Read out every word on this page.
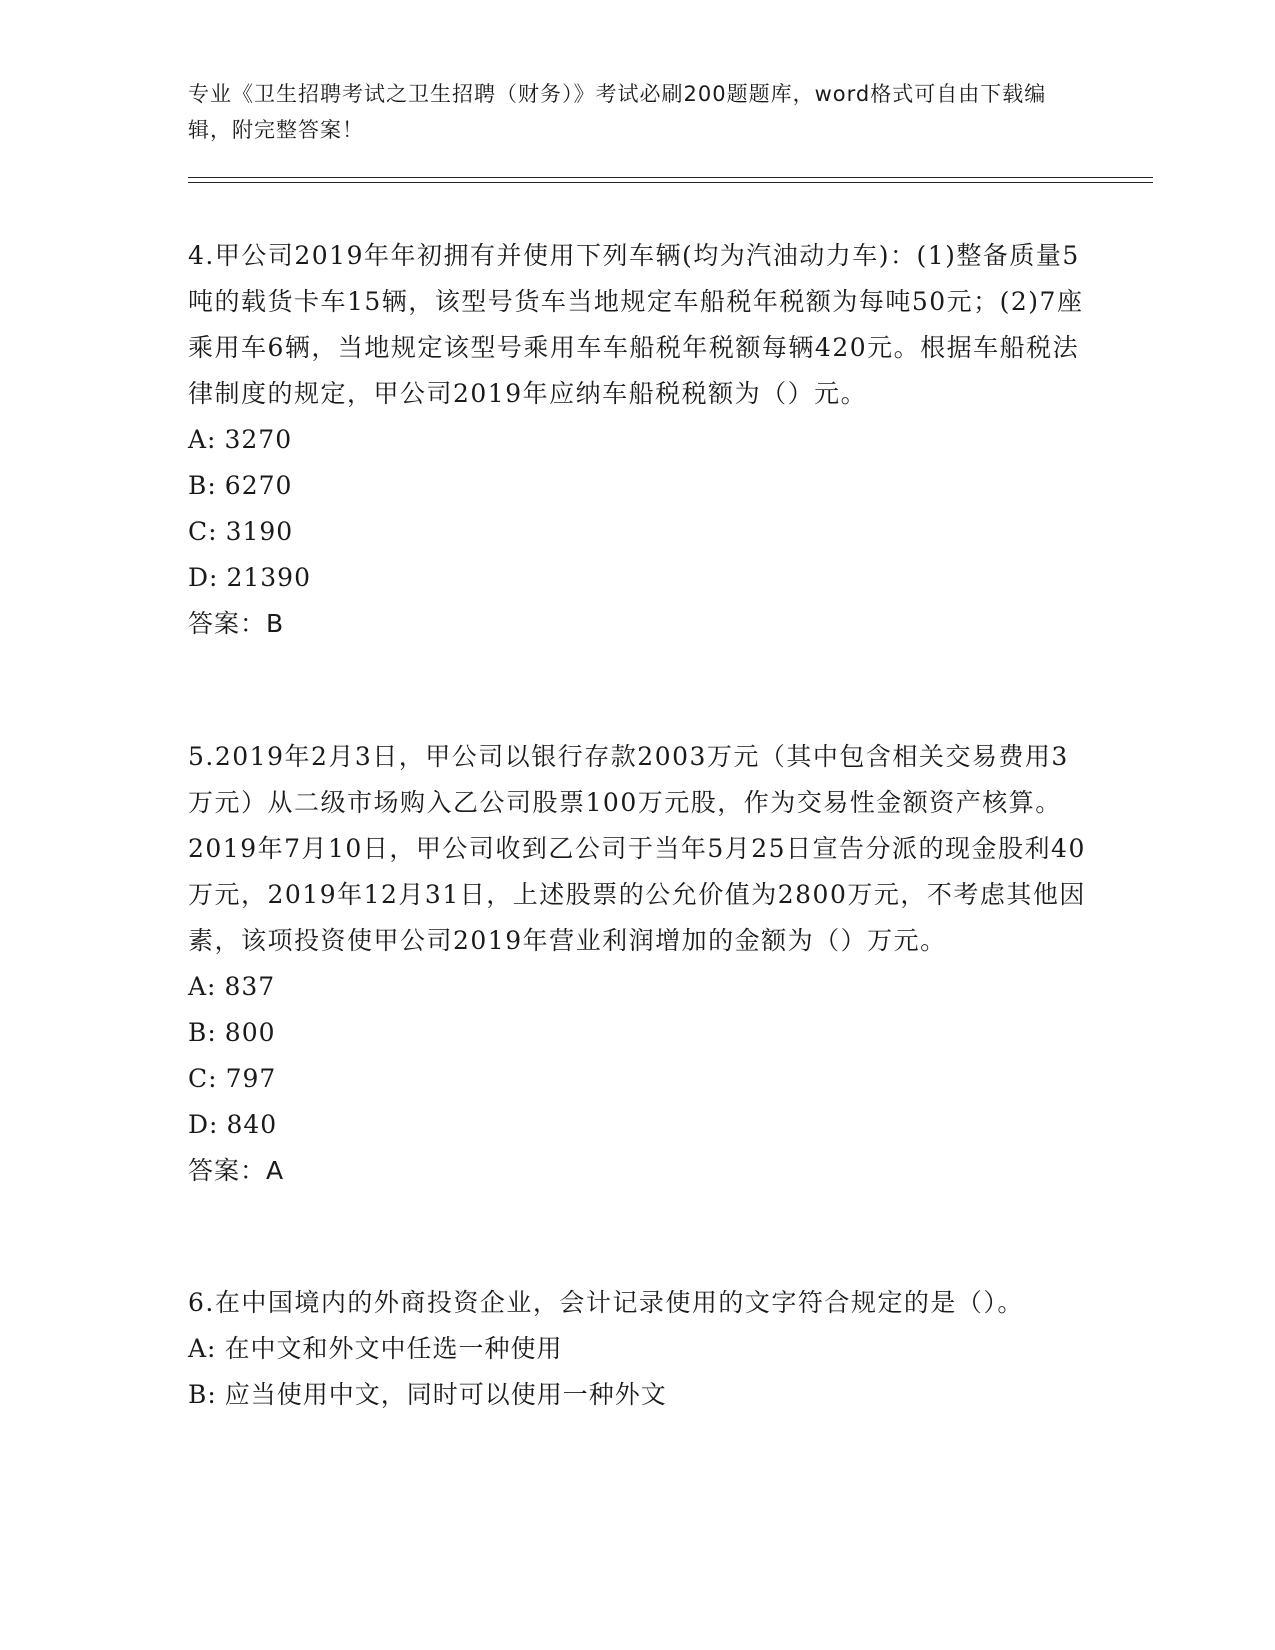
专业《卫生招聘考试之卫生招聘（财务）》考试必刷200题题库，word格式可自由下载编辑，附完整答案！

4.甲公司2019年年初拥有并使用下列车辆(均为汽油动力车)：(1)整备质量5吨的载货卡车15辆，该型号货车当地规定车船税年税额为每吨50元；(2)7座乘用车6辆，当地规定该型号乘用车车船税年税额每辆420元。根据车船税法律制度的规定，甲公司2019年应纳车船税税额为（）元。

A: 3270

B: 6270

C: 3190

D: 21390

答案：B

5.2019年2月3日，甲公司以银行存款2003万元（其中包含相关交易费用3万元）从二级市场购入乙公司股票100万元股，作为交易性金额资产核算。2019年7月10日，甲公司收到乙公司于当年5月25日宣告分派的现金股利40万元，2019年12月31日，上述股票的公允价值为2800万元，不考虑其他因素，该项投资使甲公司2019年营业利润增加的金额为（）万元。

A: 837

B: 800

C: 797

D: 840

答案：A

6.在中国境内的外商投资企业，会计记录使用的文字符合规定的是（）。

A: 在中文和外文中任选一种使用

B: 应当使用中文，同时可以使用一种外文
